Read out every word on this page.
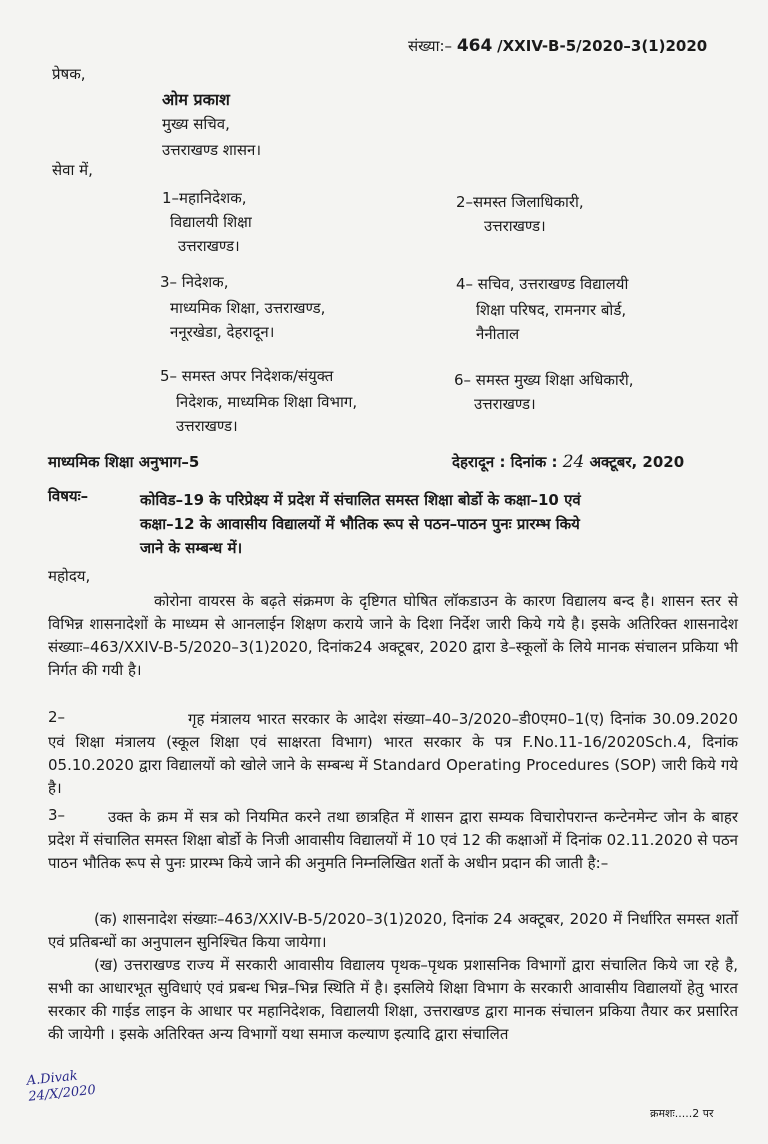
संख्या:– 464 /XXIV-B-5/2020–3(1)2020
प्रेषक,
ओम प्रकाश
मुख्य सचिव,
उत्तराखण्ड शासन।
सेवा में,
1–महानिदेशक,
विद्यालयी शिक्षा
उत्तराखण्ड।
2–समस्त जिलाधिकारी,
उत्तराखण्ड।
3– निदेशक,
माध्यमिक शिक्षा, उत्तराखण्ड,
ननूरखेडा, देहरादून।
4– सचिव, उत्तराखण्ड विद्यालयी
शिक्षा परिषद, रामनगर बोर्ड,
नैनीताल
5– समस्त अपर निदेशक/संयुक्त
निदेशक, माध्यमिक शिक्षा विभाग,
उत्तराखण्ड।
6– समस्त मुख्य शिक्षा अधिकारी,
उत्तराखण्ड।
माध्यमिक शिक्षा अनुभाग–5	देहरादून : दिनांक : 24 अक्टूबर, 2020
विषयः–	कोविड–19 के परिप्रेक्ष्य में प्रदेश में संचालित समस्त शिक्षा बोर्डो के कक्षा–10 एवं
कक्षा–12 के आवासीय विद्यालयों में भौतिक रूप से पठन–पाठन पुनः प्रारम्भ किये
जाने के सम्बन्ध में।
महोदय,
कोरोना वायरस के बढ़ते संक्रमण के दृष्टिगत घोषित लॉकडाउन के कारण विद्यालय बन्द है। शासन स्तर से विभिन्न शासनादेशों के माध्यम से आनलाईन शिक्षण कराये जाने के दिशा निर्देश जारी किये गये है। इसके अतिरिक्त शासनादेश संख्याः–463/XXIV-B-5/2020–3(1)2020, दिनांक24 अक्टूबर, 2020 द्वारा डे–स्कूलों के लिये मानक संचालन प्रकिया भी निर्गत की गयी है।
2–	गृह मंत्रालय भारत सरकार के आदेश संख्या–40–3/2020–डी0एम0–1(ए) दिनांक 30.09.2020 एवं शिक्षा मंत्रालय (स्कूल शिक्षा एवं साक्षरता विभाग) भारत सरकार के पत्र F.No.11-16/2020Sch.4, दिनांक 05.10.2020 द्वारा विद्यालयों को खोले जाने के सम्बन्ध में Standard Operating Procedures (SOP) जारी किये गये है।
3–	उक्त के क्रम में सत्र को नियमित करने तथा छात्रहित में शासन द्वारा सम्यक विचारोपरान्त कन्टेनमेन्ट जोन के बाहर प्रदेश में संचालित समस्त शिक्षा बोर्डो के निजी आवासीय विद्यालयों में 10 एवं 12 की कक्षाओं में दिनांक 02.11.2020 से पठन पाठन भौतिक रूप से पुनः प्रारम्भ किये जाने की अनुमति निम्नलिखित शर्तो के अधीन प्रदान की जाती है:–
(क) शासनादेश संख्याः–463/XXIV-B-5/2020–3(1)2020, दिनांक 24 अक्टूबर, 2020 में निर्धारित समस्त शर्तो एवं प्रतिबन्धों का अनुपालन सुनिश्चित किया जायेगा।
(ख) उत्तराखण्ड राज्य में सरकारी आवासीय विद्यालय पृथक–पृथक प्रशासनिक विभागों द्वारा संचालित किये जा रहे है, सभी का आधारभूत सुविधाएं एवं प्रबन्ध भिन्न–भिन्न स्थिति में है। इसलिये शिक्षा विभाग के सरकारी आवासीय विद्यालयों हेतु भारत सरकार की गाईड लाइन के आधार पर महानिदेशक, विद्यालयी शिक्षा, उत्तराखण्ड द्वारा मानक संचालन प्रकिया तैयार कर प्रसारित की जायेगी । इसके अतिरिक्त अन्य विभागों यथा समाज कल्याण इत्यादि द्वारा संचालित
A.Divak
24/X/2020
क्रमशः.....2 पर
